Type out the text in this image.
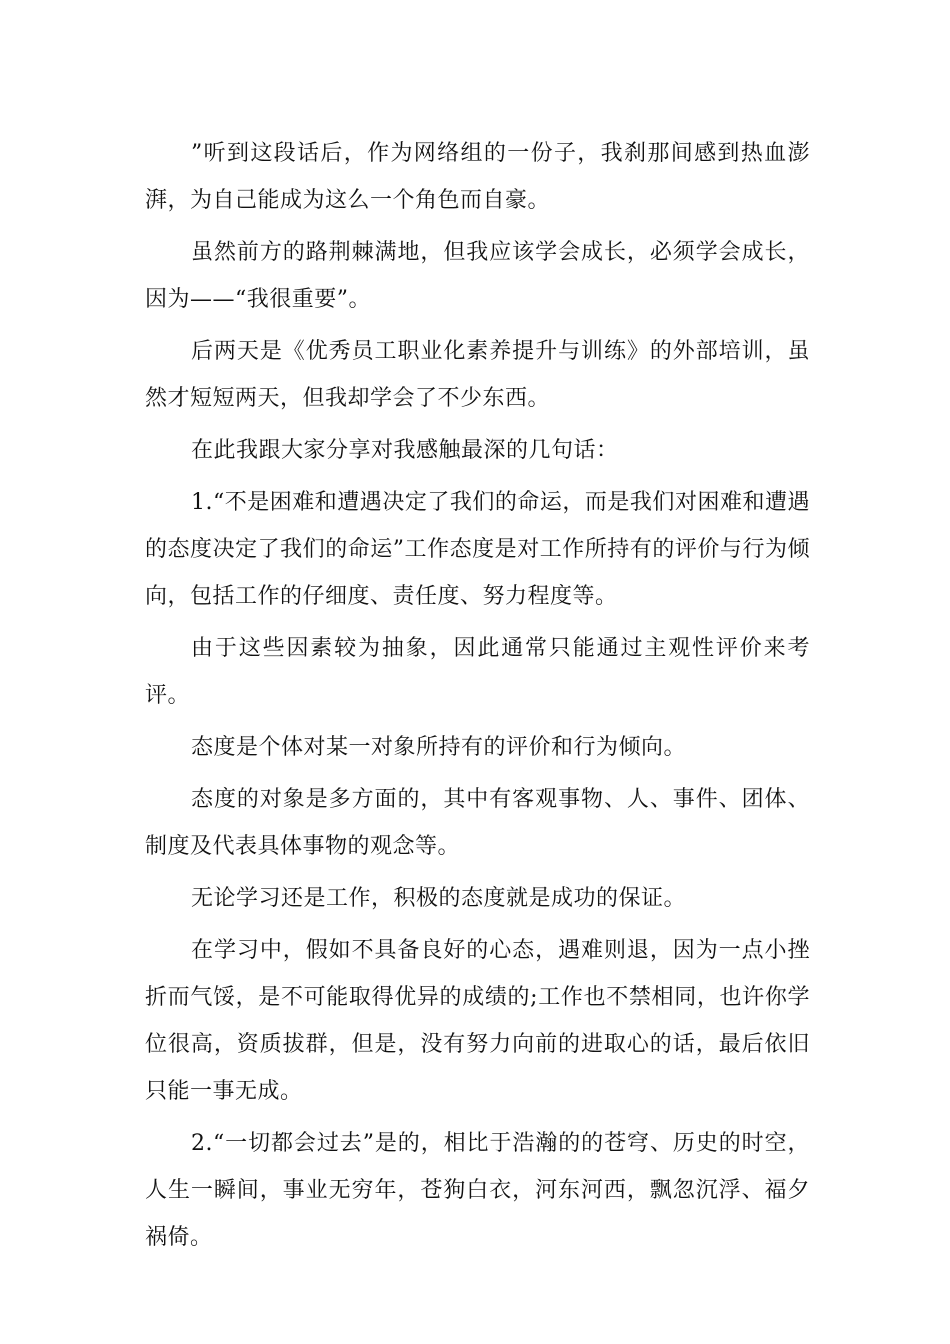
”听到这段话后，作为网络组的一份子，我刹那间感到热血澎湃，为自己能成为这么一个角色而自豪。

虽然前方的路荆棘满地，但我应该学会成长，必须学会成长，因为——“我很重要”。

后两天是《优秀员工职业化素养提升与训练》的外部培训，虽然才短短两天，但我却学会了不少东西。

在此我跟大家分享对我感触最深的几句话：

1.“不是困难和遭遇决定了我们的命运，而是我们对困难和遭遇的态度决定了我们的命运”工作态度是对工作所持有的评价与行为倾向，包括工作的仔细度、责任度、努力程度等。

由于这些因素较为抽象，因此通常只能通过主观性评价来考评。

态度是个体对某一对象所持有的评价和行为倾向。

态度的对象是多方面的，其中有客观事物、人、事件、团体、制度及代表具体事物的观念等。

无论学习还是工作，积极的态度就是成功的保证。

在学习中，假如不具备良好的心态，遇难则退，因为一点小挫折而气馁，是不可能取得优异的成绩的;工作也不禁相同，也许你学位很高，资质拔群，但是，没有努力向前的进取心的话，最后依旧只能一事无成。

2.“一切都会过去”是的，相比于浩瀚的的苍穹、历史的时空，人生一瞬间，事业无穷年，苍狗白衣，河东河西，飘忽沉浮、福夕祸倚。
